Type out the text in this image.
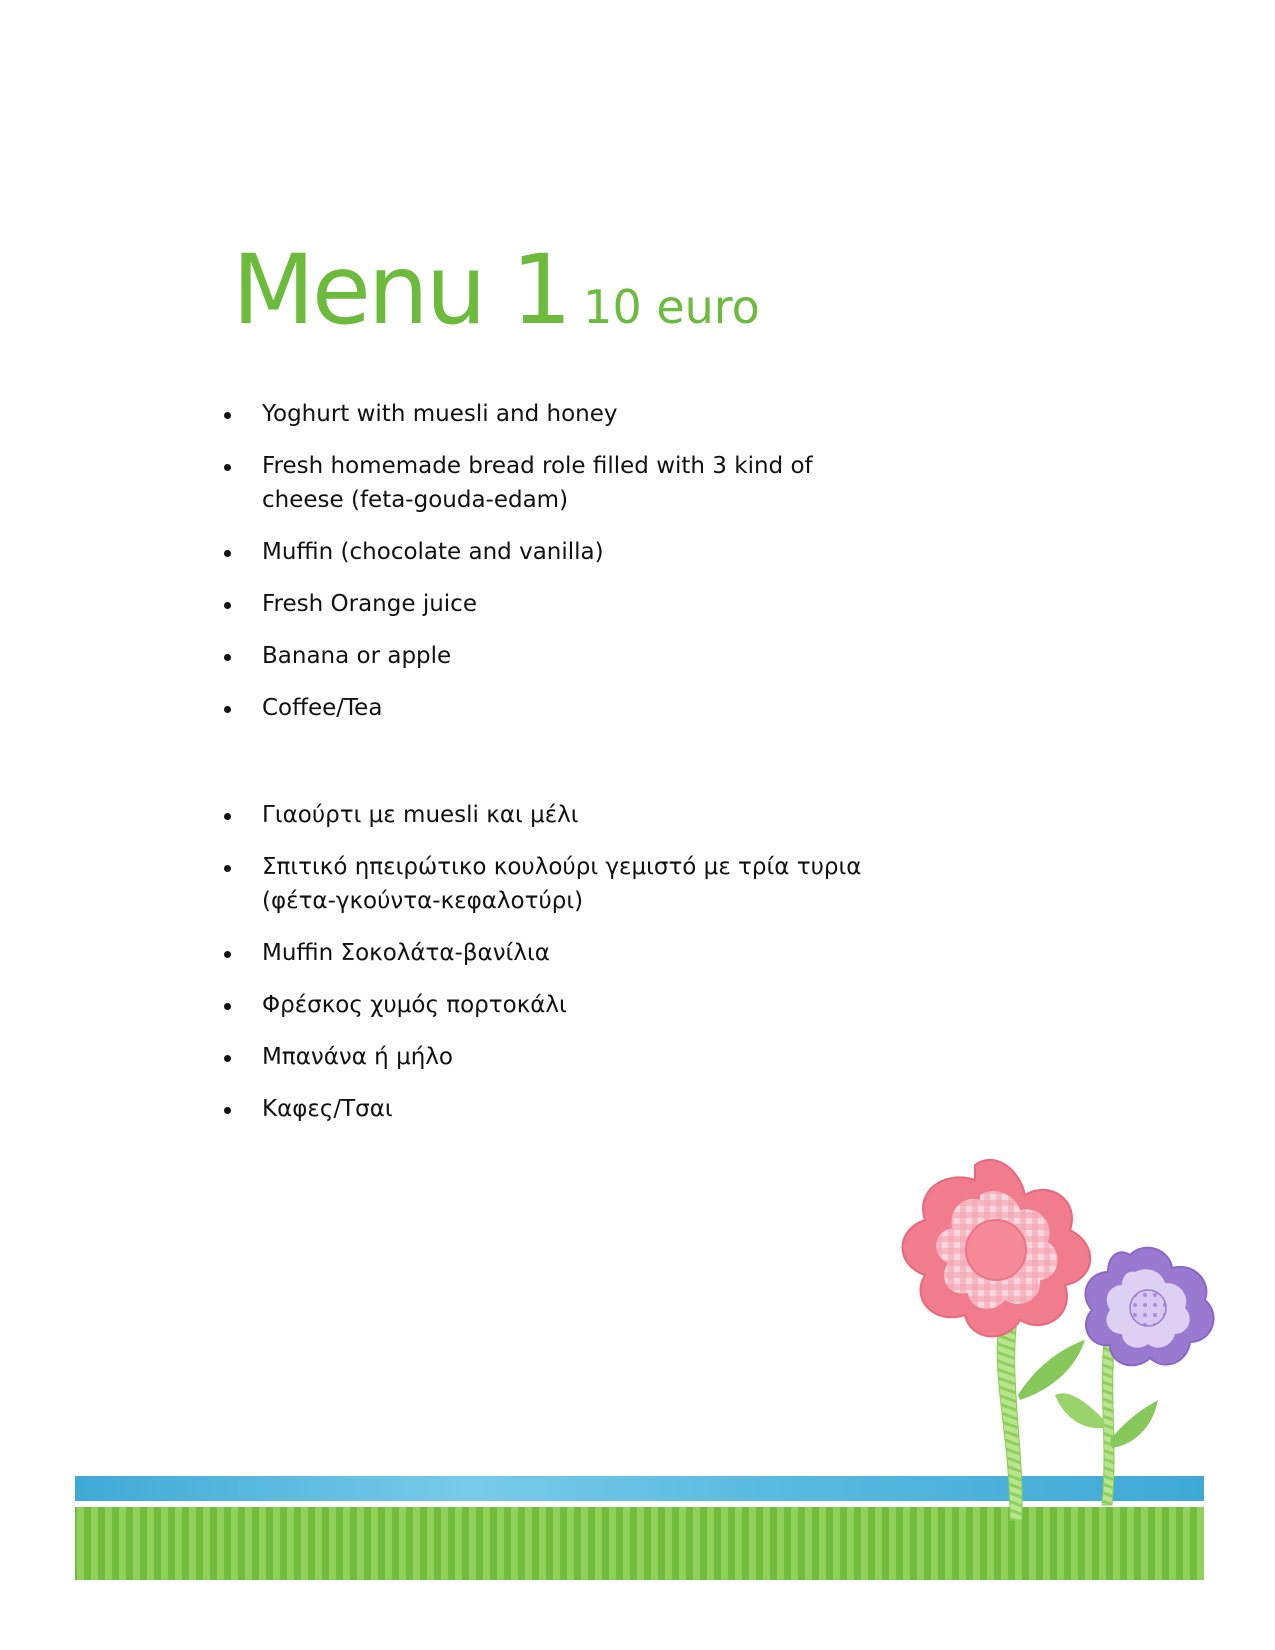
Menu 1 10 euro
Yoghurt with muesli and honey
Fresh homemade bread role filled with 3 kind of cheese (feta-gouda-edam)
Muffin (chocolate and vanilla)
Fresh Orange juice
Banana or apple
Coffee/Tea
Γιαούρτι με muesli και μέλι
Σπιτικό ηπειρώτικο κουλούρι γεμιστό με τρία τυρια (φέτα-γκούντα-κεφαλοτύρι)
Muffin Σοκολάτα-βανίλια
Φρέσκος χυμός πορτοκάλι
Μπανάνα ή μήλο
Καφες/Τσαι
